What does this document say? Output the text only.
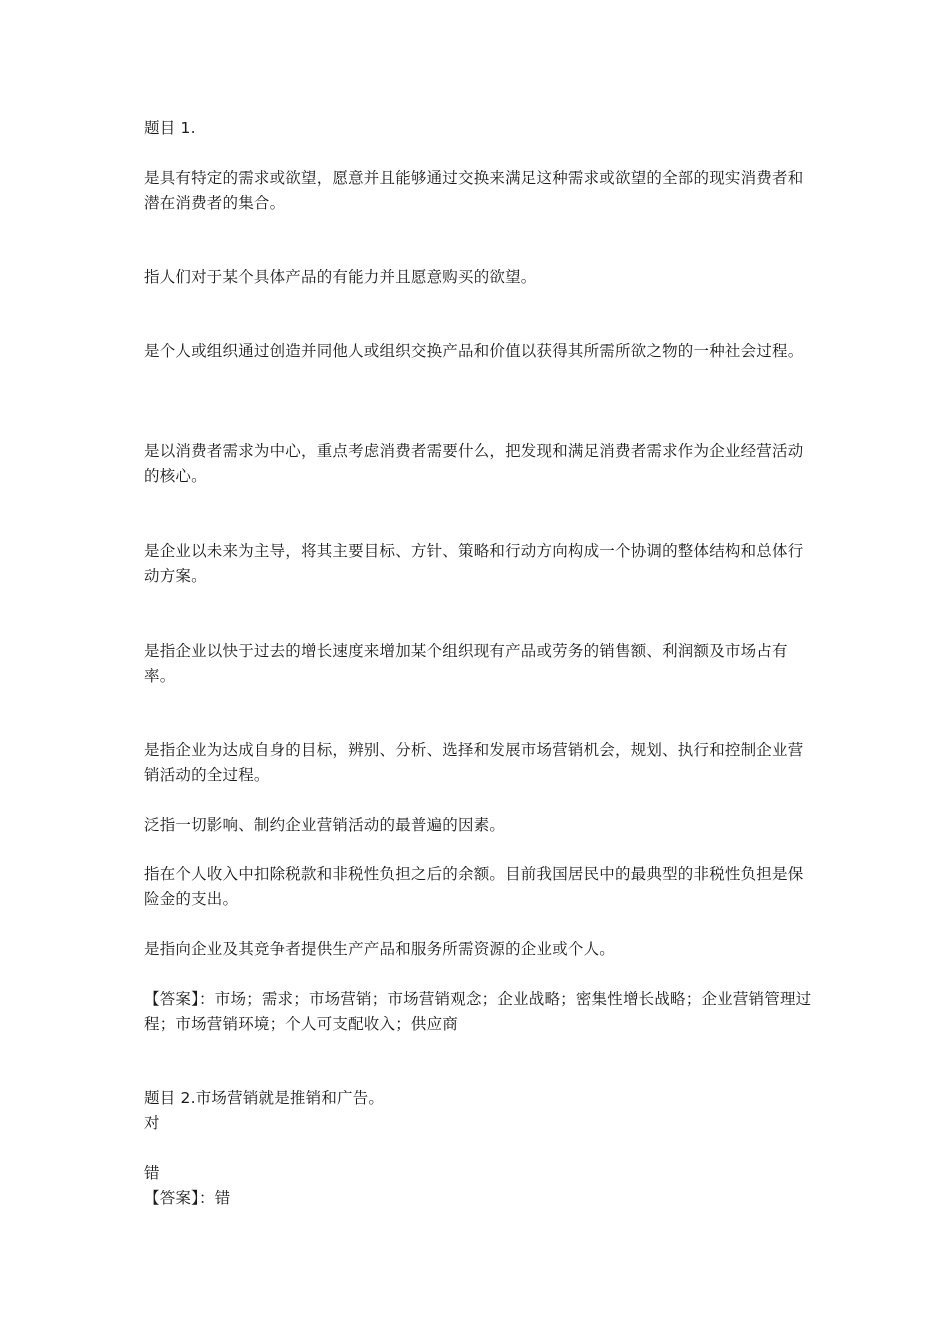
题目 1.
是具有特定的需求或欲望，愿意并且能够通过交换来满足这种需求或欲望的全部的现实消费者和潜在消费者的集合。
指人们对于某个具体产品的有能力并且愿意购买的欲望。
是个人或组织通过创造并同他人或组织交换产品和价值以获得其所需所欲之物的一种社会过程。
是以消费者需求为中心，重点考虑消费者需要什么，把发现和满足消费者需求作为企业经营活动的核心。
是企业以未来为主导，将其主要目标、方针、策略和行动方向构成一个协调的整体结构和总体行动方案。
是指企业以快于过去的增长速度来增加某个组织现有产品或劳务的销售额、利润额及市场占有率。
是指企业为达成自身的目标，辨别、分析、选择和发展市场营销机会，规划、执行和控制企业营销活动的全过程。
泛指一切影响、制约企业营销活动的最普遍的因素。
指在个人收入中扣除税款和非税性负担之后的余额。目前我国居民中的最典型的非税性负担是保险金的支出。
是指向企业及其竞争者提供生产产品和服务所需资源的企业或个人。
【答案】：市场；需求；市场营销；市场营销观念；企业战略；密集性增长战略；企业营销管理过程；市场营销环境；个人可支配收入；供应商
题目 2.市场营销就是推销和广告。
对
错
【答案】：错
